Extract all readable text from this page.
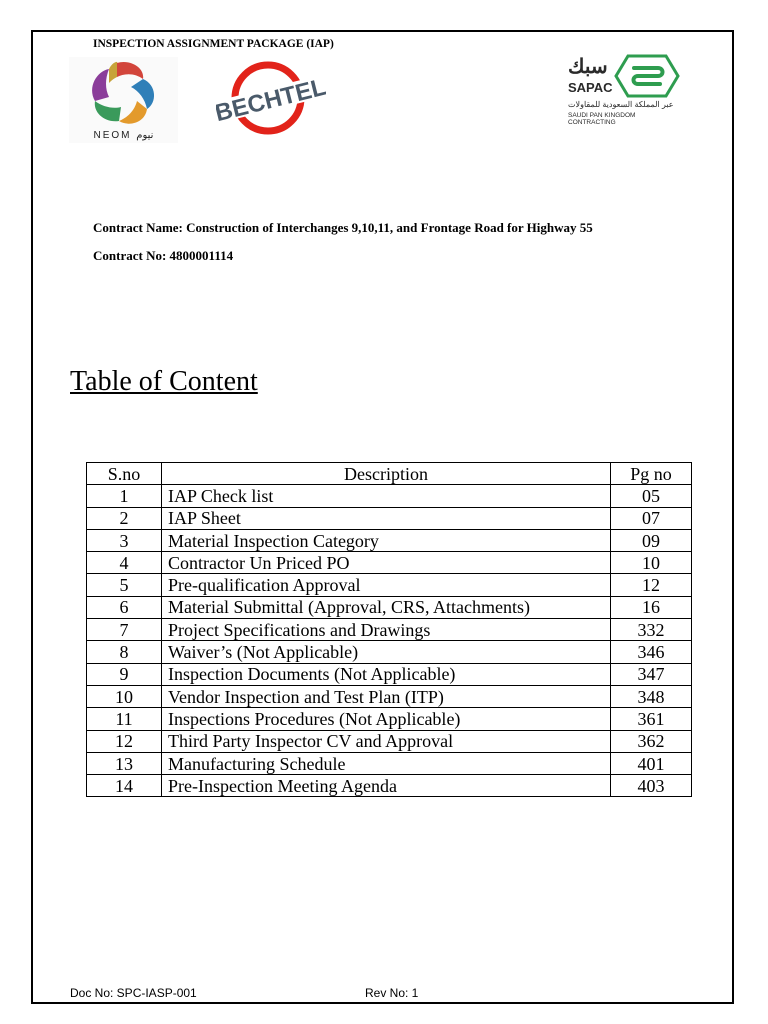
INSPECTION ASSIGNMENT PACKAGE (IAP)
NEOM نيوم
BECHTEL
سبك
SAPAC
عبر المملكة السعودية للمقاولات
SAUDI PAN KINGDOM CONTRACTING
Contract Name: Construction of Interchanges 9,10,11, and Frontage Road for Highway 55
Contract No: 4800001114
Table of Content
S.no	Description	Pg no
1	IAP Check list	05
2	IAP Sheet	07
3	Material Inspection Category	09
4	Contractor Un Priced PO	10
5	Pre-qualification Approval	12
6	Material Submittal (Approval, CRS, Attachments)	16
7	Project Specifications and Drawings	332
8	Waiver’s (Not Applicable)	346
9	Inspection Documents (Not Applicable)	347
10	Vendor Inspection and Test Plan (ITP)	348
11	Inspections Procedures (Not Applicable)	361
12	Third Party Inspector CV and Approval	362
13	Manufacturing Schedule	401
14	Pre-Inspection Meeting Agenda	403
Doc No: SPC-IASP-001	Rev No: 1
